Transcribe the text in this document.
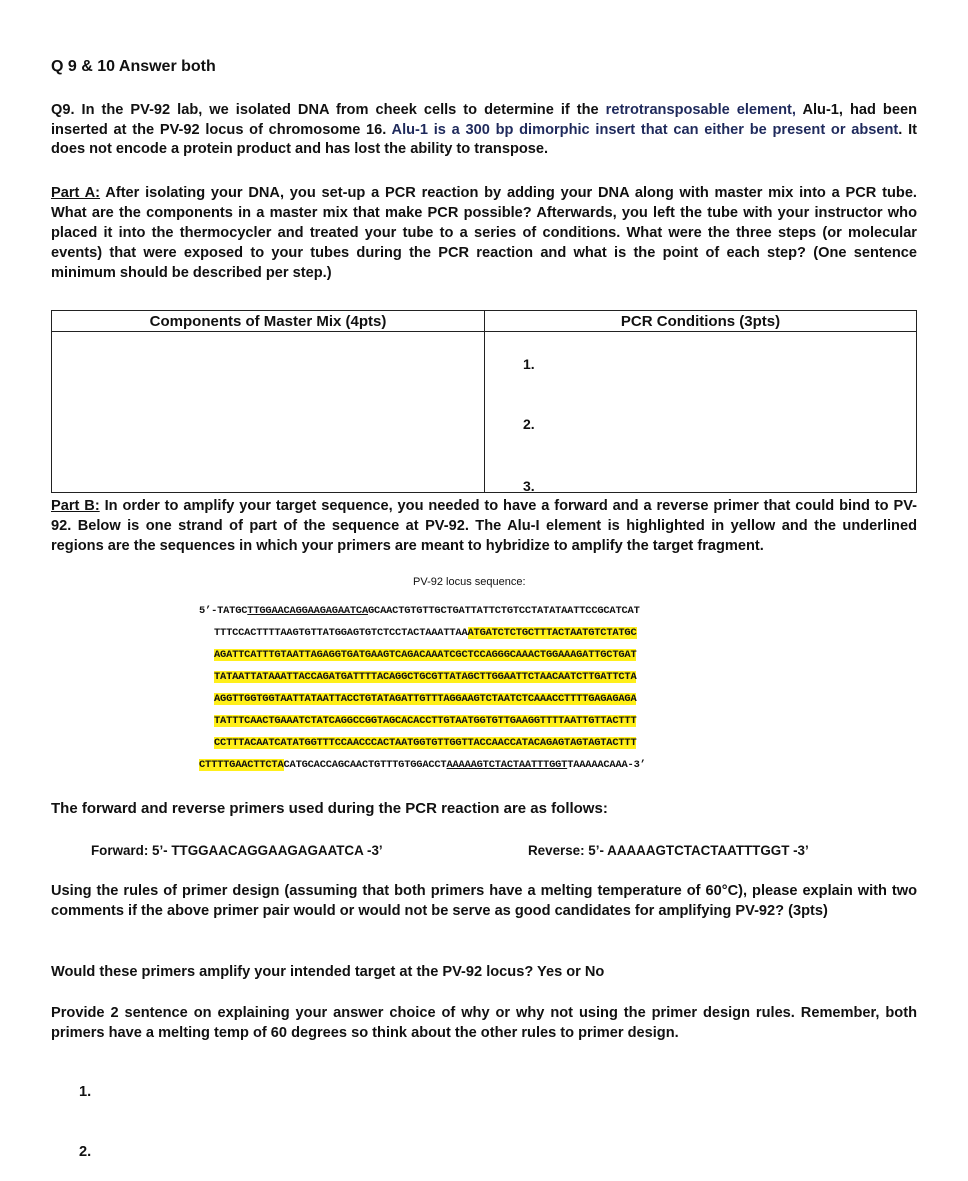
Q 9 & 10 Answer both
Q9. In the PV-92 lab, we isolated DNA from cheek cells to determine if the retrotransposable element, Alu-1, had been inserted at the PV-92 locus of chromosome 16. Alu-1 is a 300 bp dimorphic insert that can either be present or absent. It does not encode a protein product and has lost the ability to transpose.
Part A: After isolating your DNA, you set-up a PCR reaction by adding your DNA along with master mix into a PCR tube. What are the components in a master mix that make PCR possible? Afterwards, you left the tube with your instructor who placed it into the thermocycler and treated your tube to a series of conditions. What were the three steps (or molecular events) that were exposed to your tubes during the PCR reaction and what is the point of each step? (One sentence minimum should be described per step.)
Components of Master Mix (4pts)	PCR Conditions (3pts)

	1.
2.
3.
Part B: In order to amplify your target sequence, you needed to have a forward and a reverse primer that could bind to PV-92. Below is one strand of part of the sequence at PV-92. The Alu-I element is highlighted in yellow and the underlined regions are the sequences in which your primers are meant to hybridize to amplify the target fragment.
PV-92 locus sequence:
5’-TATGCTTGGAACAGGAAGAGAATCAGCAACTGTGTTGCTGATTATTCTGTCCTATATAATTCCGCATCAT
TTTCCACTTTTAAGTGTTATGGAGTGTCTCCTACTAAATTAAATGATCTCTGCTTTACTAATGTCTATGC
AGATTCATTTGTAATTAGAGGTGATGAAGTCAGACAAATCGCTCCAGGGCAAACTGGAAAGATTGCTGAT
TATAATTATAAATTACCAGATGATTTTACAGGCTGCGTTATAGCTTGGAATTCTAACAATCTTGATTCTA
AGGTTGGTGGTAATTATAATTACCTGTATAGATTGTTTAGGAAGTCTAATCTCAAACCTTTTGAGAGAGA
TATTTCAACTGAAATCTATCAGGCCGGTAGCACACCTTGTAATGGTGTTGAAGGTTTTAATTGTTACTTT
CCTTTACAATCATATGGTTTCCAACCCACTAATGGTGTTGGTTACCAACCATACAGAGTAGTAGTACTTT
CTTTTGAACTTCTACATGCACCAGCAACTGTTTGTGGACCTAAAAAGTCTACTAATTTGGTTAAAAACAAA-3’
The forward and reverse primers used during the PCR reaction are as follows:
Forward: 5’- TTGGAACAGGAAGAGAATCA -3’	Reverse: 5’- AAAAAGTCTACTAATTTGGT -3’
Using the rules of primer design (assuming that both primers have a melting temperature of 60°C), please explain with two comments if the above primer pair would or would not be serve as good candidates for amplifying PV-92? (3pts)
Would these primers amplify your intended target at the PV-92 locus? Yes or No
Provide 2 sentence on explaining your answer choice of why or why not using the primer design rules. Remember, both primers have a melting temp of 60 degrees so think about the other rules to primer design.
1.
2.
